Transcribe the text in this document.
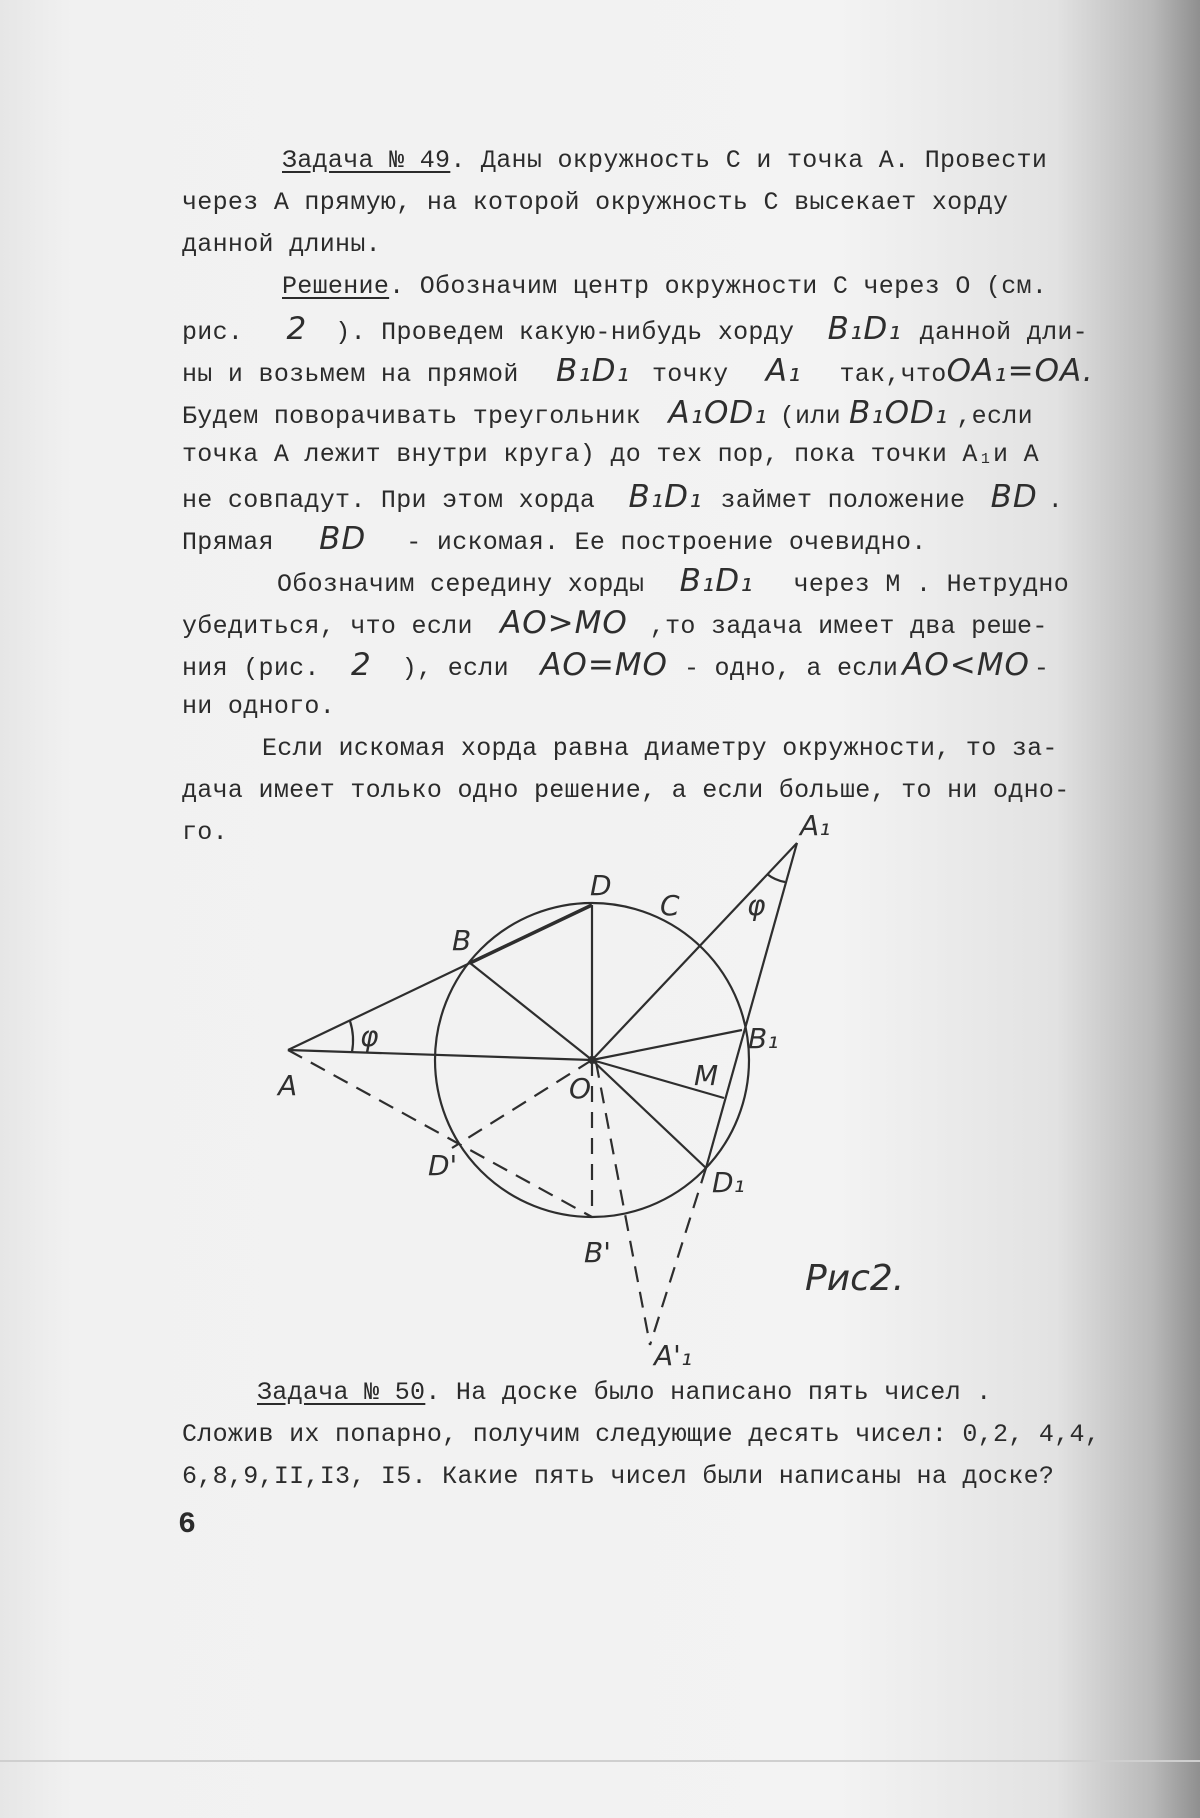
Задача № 49. Даны окружность С и точка А. Провести
через А прямую, на которой окружность С высекает хорду
данной длины.
Решение. Обозначим центр окружности С через О (см.
рис. 2 ). Проведем какую-нибудь хорду B₁D₁ данной дли-
ны и возьмем на прямой B₁D₁ точку A₁ так,чтоOA₁=OA.
Будем поворачивать треугольник A₁OD₁ (или B₁OD₁ ,если
точка А лежит внутри круга) до тех пор, пока точки А₁и А
не совпадут. При этом хорда B₁D₁ займет положение BD .
Прямая BD - искомая. Ее построение очевидно.
Обозначим середину хорды B₁D₁ через М . Нетрудно
убедиться, что если AO>MO ,то задача имеет два реше-
ния (рис. 2 ), если AO=MO - одно, а если AO<MO -
ни одного.
Если искомая хорда равна диаметру окружности, то за-
дача имеет только одно решение, а если больше, то ни одно-
го.	A₁
D
C
B
B₁
φ
φ
A	O	M
D'
D₁
B'
A'₁
Рис2.
Задача № 50. На доске было написано пять чисел .
Сложив их попарно, получим следующие десять чисел: 0,2, 4,4,
6,8,9,II,I3, I5. Какие пять чисел были написаны на доске?
6
